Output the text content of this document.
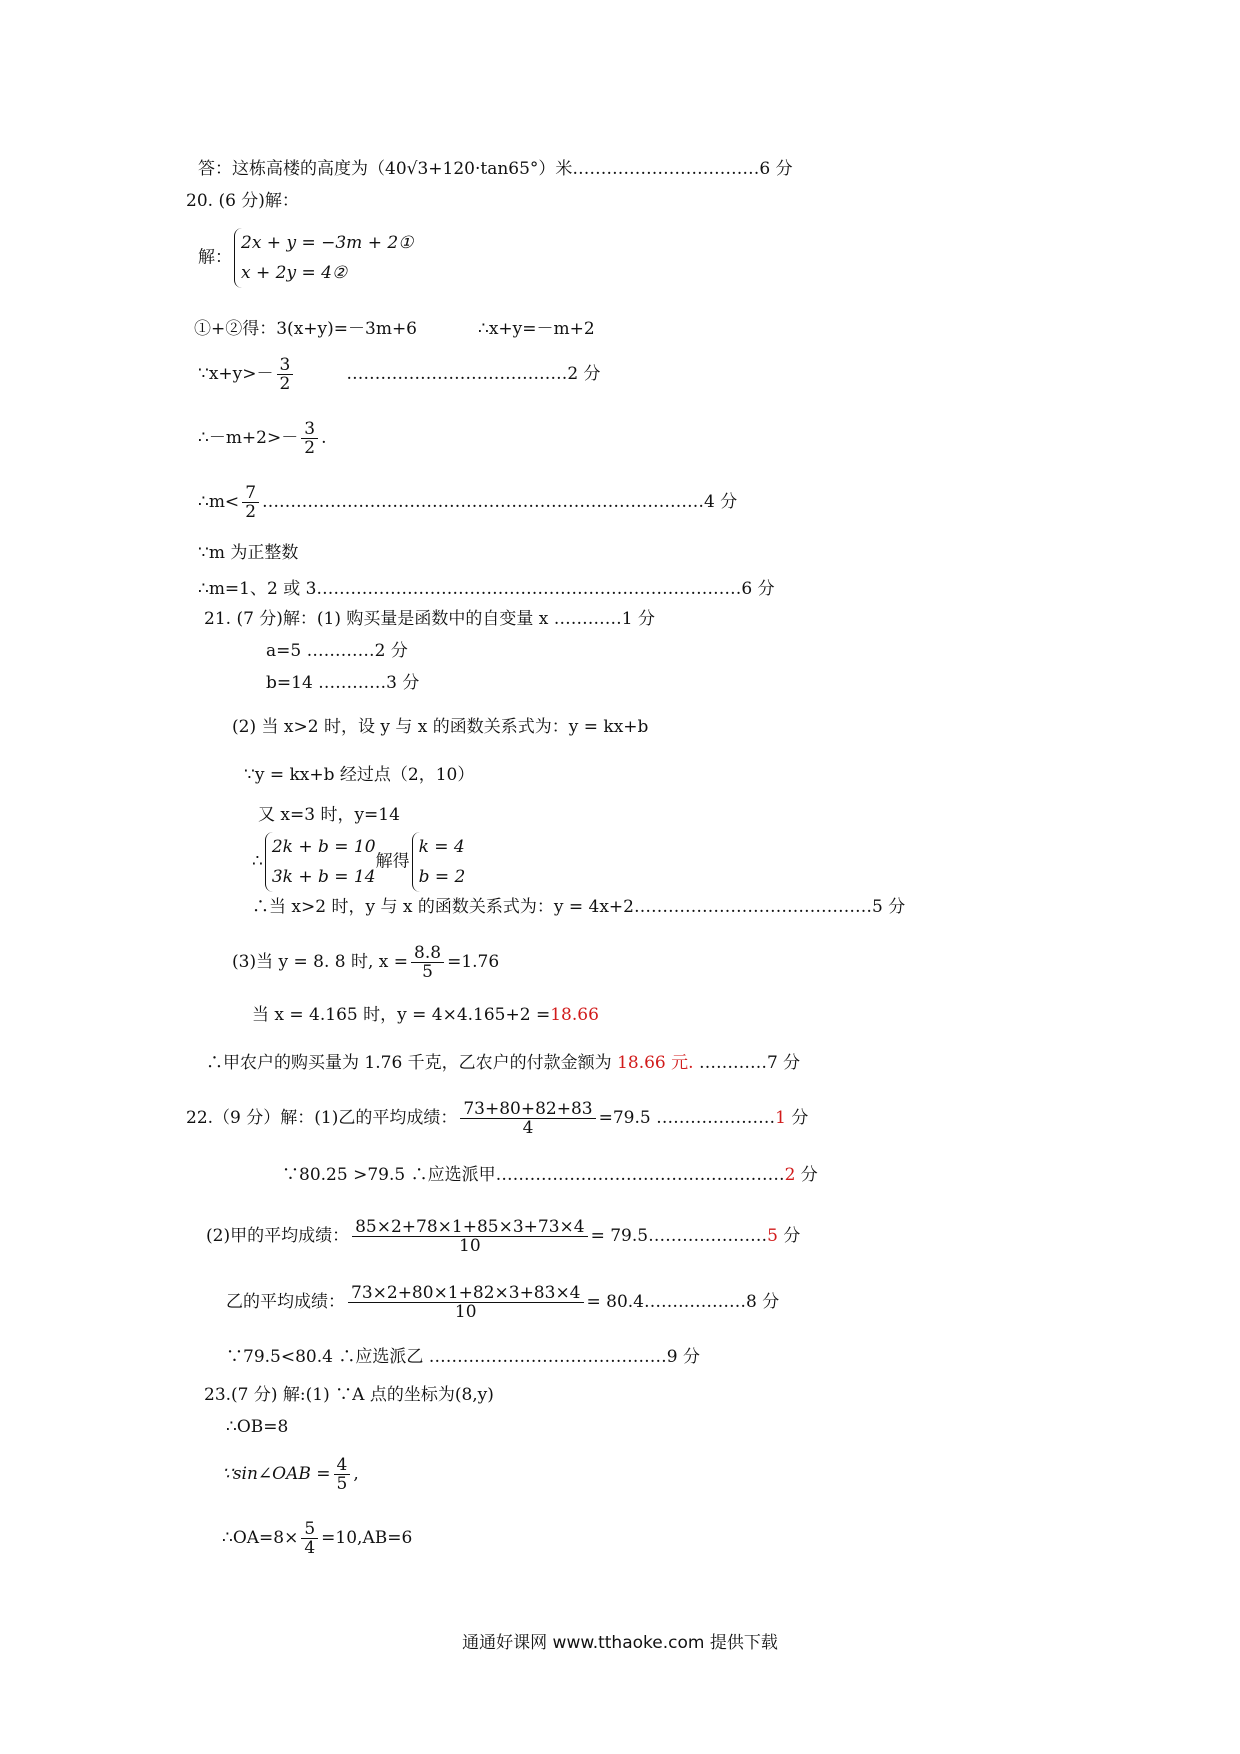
答：这栋高楼的高度为（40√3+120·tan65°）米……………………………6 分
20. (6 分)解：
解：
2x + y = −3m + 2①
x + 2y = 4②
①+②得：3(x+y)=－3m+6	∴x+y=－m+2
∵x+y>－ $\frac{3}{2}$	…………………………………2 分
∴－m+2>－ $\frac{3}{2}$ .
∴m< $\frac{7}{2}$ ……………………………………………………………………4 分
∵m 为正整数
∴m=1、2 或 3…………………………………………………………………6 分
21. (7 分)解：(1) 购买量是函数中的自变量 x …………1 分
a=5 …………2 分
b=14 …………3 分
(2) 当 x>2 时，设 y 与 x 的函数关系式为：y = kx+b
∵y = kx+b 经过点（2，10）
又 x=3 时，y=14
∴
2k + b = 10
3k + b = 14
解得
k = 4
b = 2
∴当 x>2 时，y 与 x 的函数关系式为：y = 4x+2……………………………………5 分
(3)当 y = 8. 8 时, $x = \frac{8.8}{5} =1.76$
当 x = 4.165 时，y = 4×4.165+2 =18.66
∴甲农户的购买量为 1.76 千克，乙农户的付款金额为 18.66 元. …………7 分
22.（9 分）解：(1)乙的平均成绩： $\frac{73+80+82+83}{4} =79.5$ …………………1 分
∵80.25 >79.5 ∴应选派甲……………………………………………2 分
(2)甲的平均成绩： $\frac{85\times 2+78\times 1+85\times 3+73\times 4}{10}$ = 79.5…………………5 分
乙的平均成绩： $\frac{73\times 2+80\times 1+82\times 3+83\times 4}{10}$ = 80.4………………8 分
∵79.5<80.4 ∴应选派乙 ……………………………………9 分
23.(7 分) 解:(1) ∵A 点的坐标为(8,y)
∴OB=8
∵sin∠OAB = $\frac{4}{5}$ ,
∴OA=8× $\frac{5}{4} =10,AB=6$
通通好课网 www.tthaoke.com 提供下载
